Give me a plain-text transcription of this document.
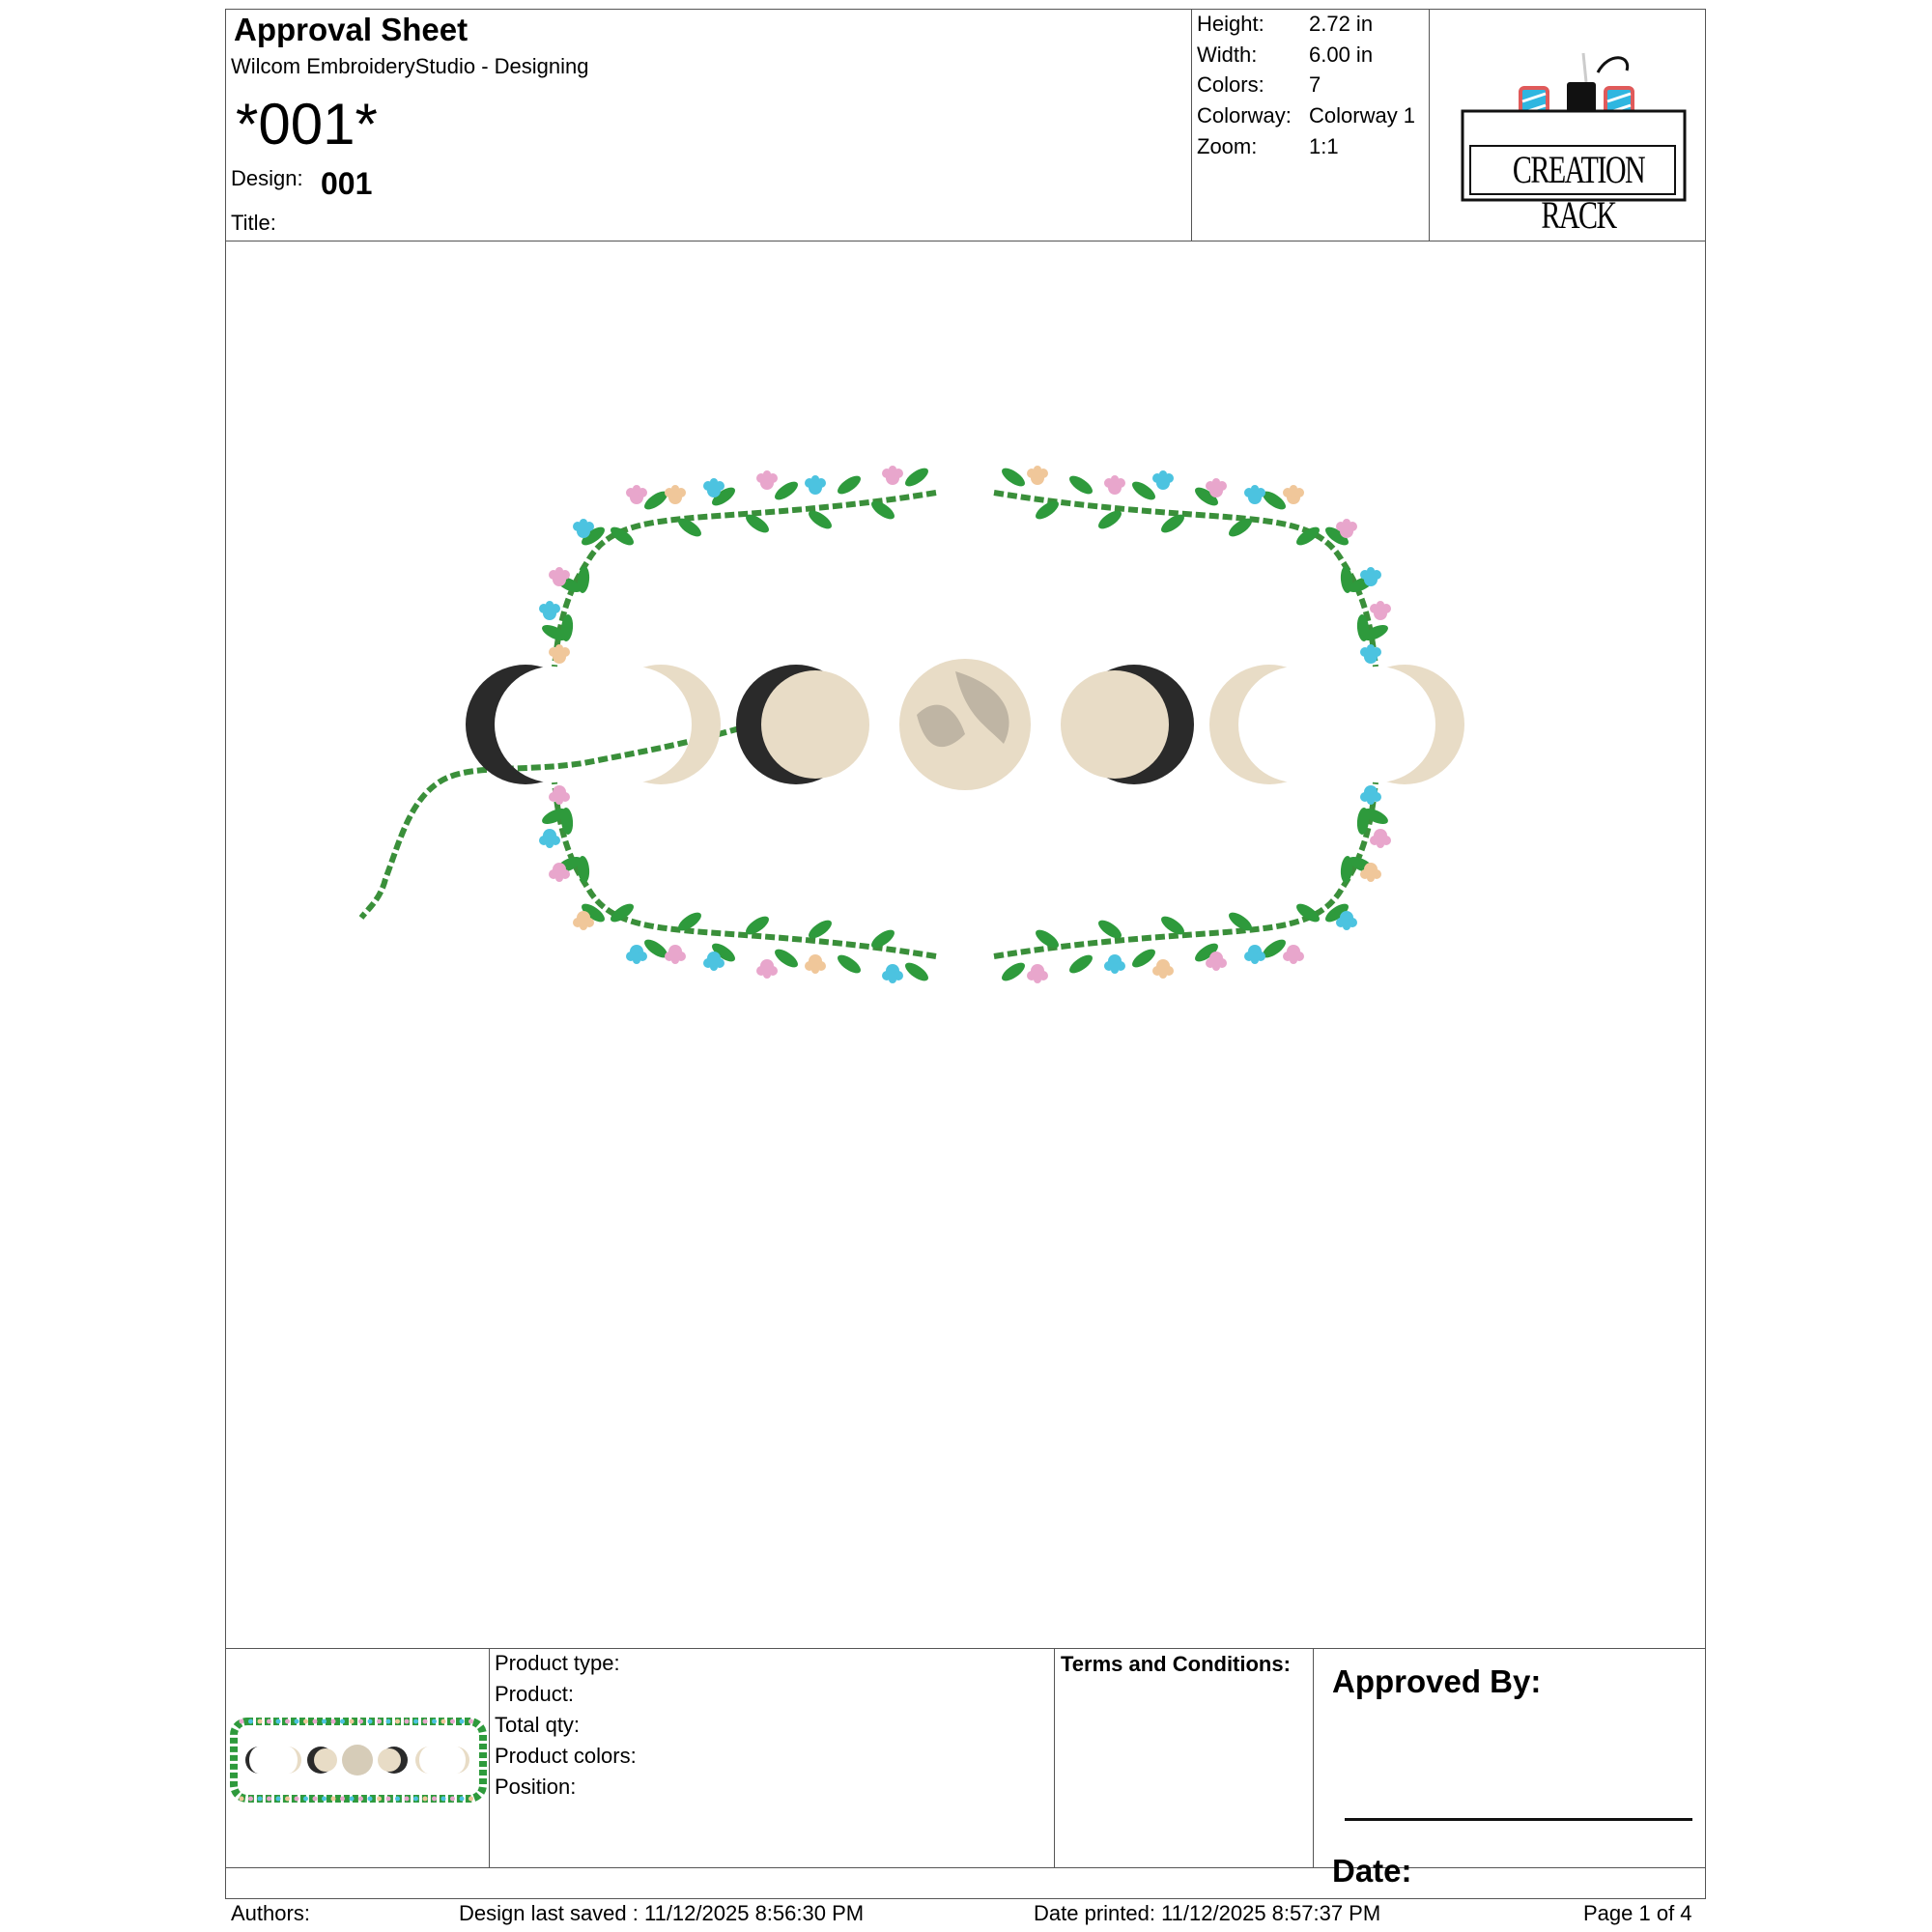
Approval Sheet
Wilcom EmbroideryStudio - Designing
*001*
Design: 001
Title:
Height: 2.72 in
Width: 6.00 in
Colors: 7
Colorway: Colorway 1
Zoom: 1:1
CREATION RACK
Product type:
Product:
Total qty:
Product colors:
Position:
Terms and Conditions: Approved By:
Date:
Authors:	Design last saved : 11/12/2025 8:56:30 PM	Date printed: 11/12/2025 8:57:37 PM	Page 1 of 4
